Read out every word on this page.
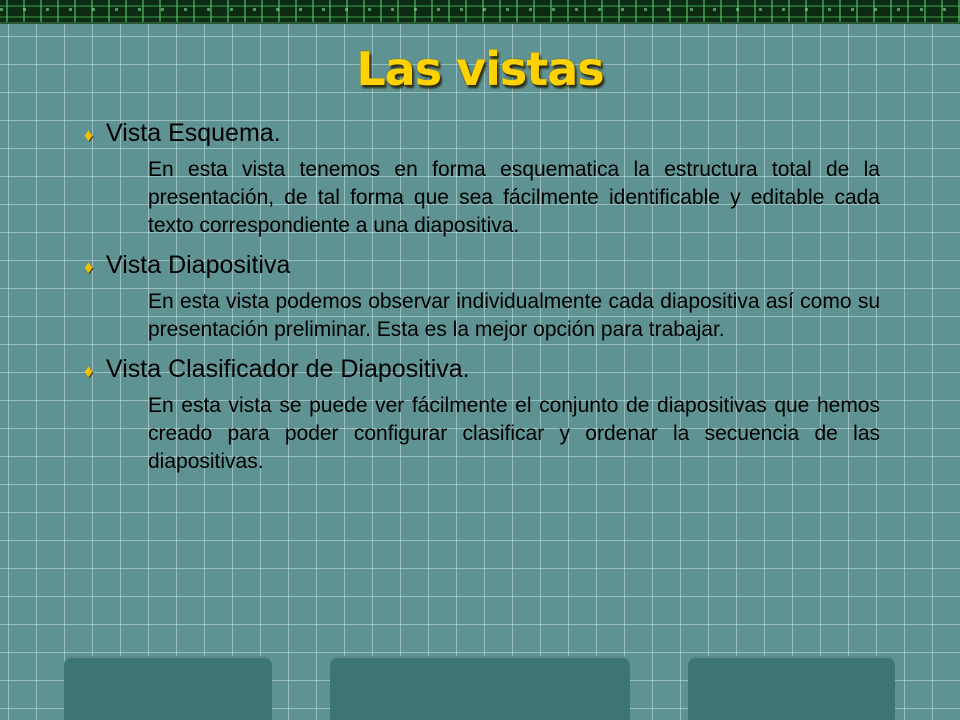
Las vistas

♦ Vista Esquema.

En esta vista tenemos en forma esquematica la estructura total de la presentación, de tal forma que sea fácilmente identificable y editable cada texto correspondiente a una diapositiva.

♦ Vista Diapositiva

En esta vista podemos observar individualmente cada diapositiva así como su presentación preliminar. Esta es la mejor opción para trabajar.

♦ Vista Clasificador de Diapositiva.

En esta vista se puede ver fácilmente el conjunto de diapositivas que hemos creado para poder configurar clasificar y ordenar la secuencia de las diapositivas.
